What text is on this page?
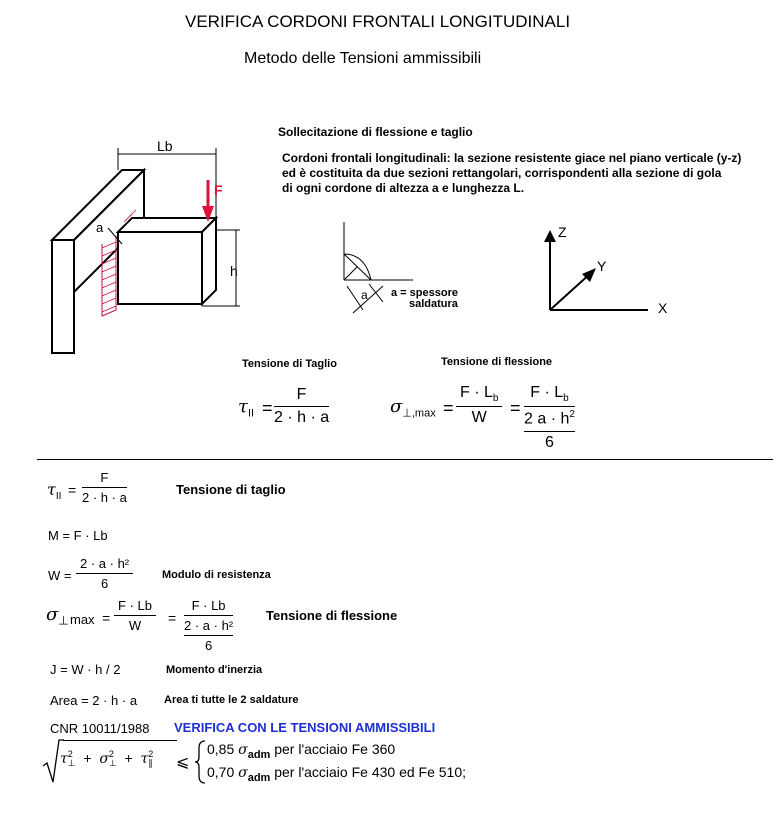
VERIFICA CORDONI FRONTALI LONGITUDINALI
Metodo delle Tensioni ammissibili
Lb
F
a
h
Sollecitazione di flessione e taglio
Cordoni frontali longitudinali: la sezione resistente giace nel piano verticale (y-z)
ed è costituita da due sezioni rettangolari, corrispondenti alla sezione di gola
di ogni cordone di altezza a e lunghezza L.
a a = spessore
saldatura
Z
Y
X
Tensione di Taglio	Tensione di flessione
$\tau_{II} = \frac{F}{2 \cdot h \cdot a}$	$\sigma_{\perp,max} = \frac{F \cdot L_b}{W}$ =
$F \cdot L_b$
2 $a \cdot h^2$
6
$\tau_{II} = \frac{F}{2 \cdot h \cdot a}$	Tensione di taglio
M = F · Lb
$W = \frac{\text{2 · a · h²}}{6}$	Modulo di resistenza
$\sigma_\perp$ $\max = \frac{F \cdot Lb}{W}$ =
F · Lb
2 · a · h²
6
Tensione di flessione
J = W · h / 2	Momento d'inerzia
Area = 2 · h · a Area ti tutte le 2 saldature
CNR 10011/1988 VERIFICA CON LE TENSIONI AMMISSIBILI
τ 2
⊥ + σ 2
⊥ + τ 2
∥ ⩽
0,85 $\sigma_{adm}$ per l'acciaio Fe 360
0,70 $\sigma_{adm}$ per l'acciaio Fe 430 ed Fe 510;
